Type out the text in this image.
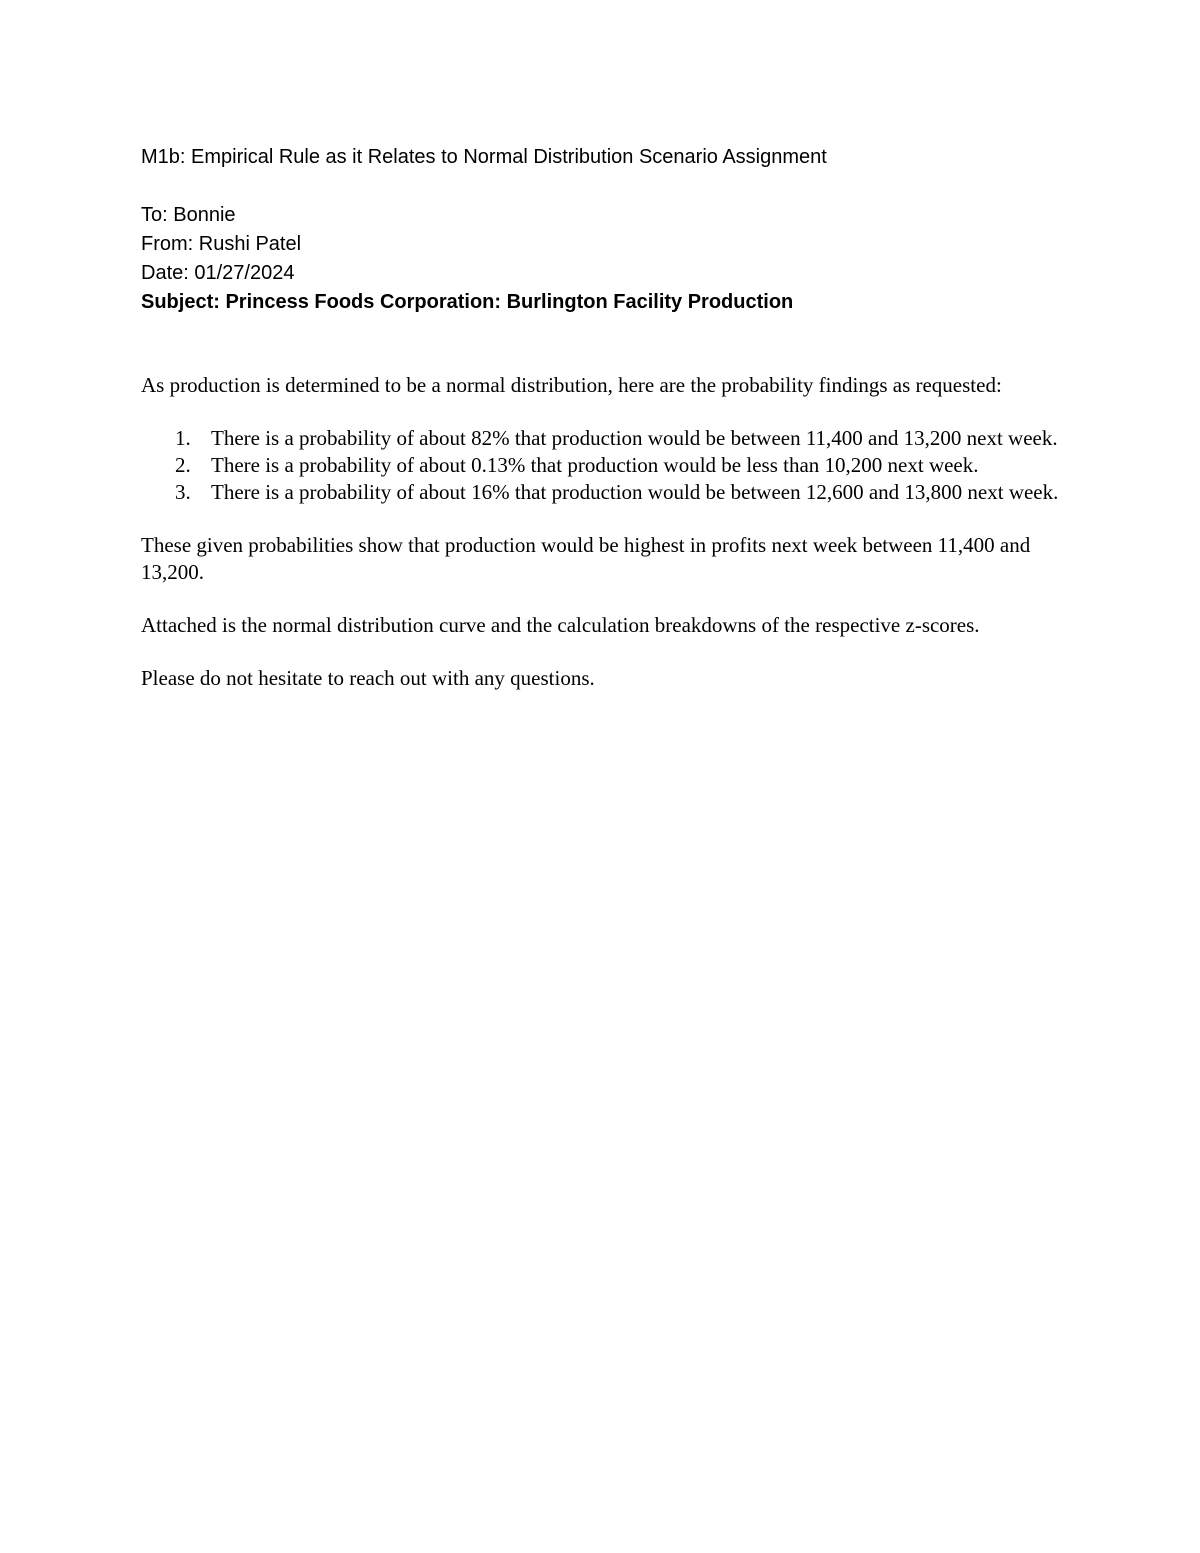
M1b: Empirical Rule as it Relates to Normal Distribution Scenario Assignment
To: Bonnie
From: Rushi Patel
Date: 01/27/2024
Subject: Princess Foods Corporation: Burlington Facility Production

As production is determined to be a normal distribution, here are the probability findings as requested:

1. There is a probability of about 82% that production would be between 11,400 and 13,200 next week.
2. There is a probability of about 0.13% that production would be less than 10,200 next week.
3. There is a probability of about 16% that production would be between 12,600 and 13,800 next week.

These given probabilities show that production would be highest in profits next week between 11,400 and 13,200.

Attached is the normal distribution curve and the calculation breakdowns of the respective z-scores.

Please do not hesitate to reach out with any questions.
